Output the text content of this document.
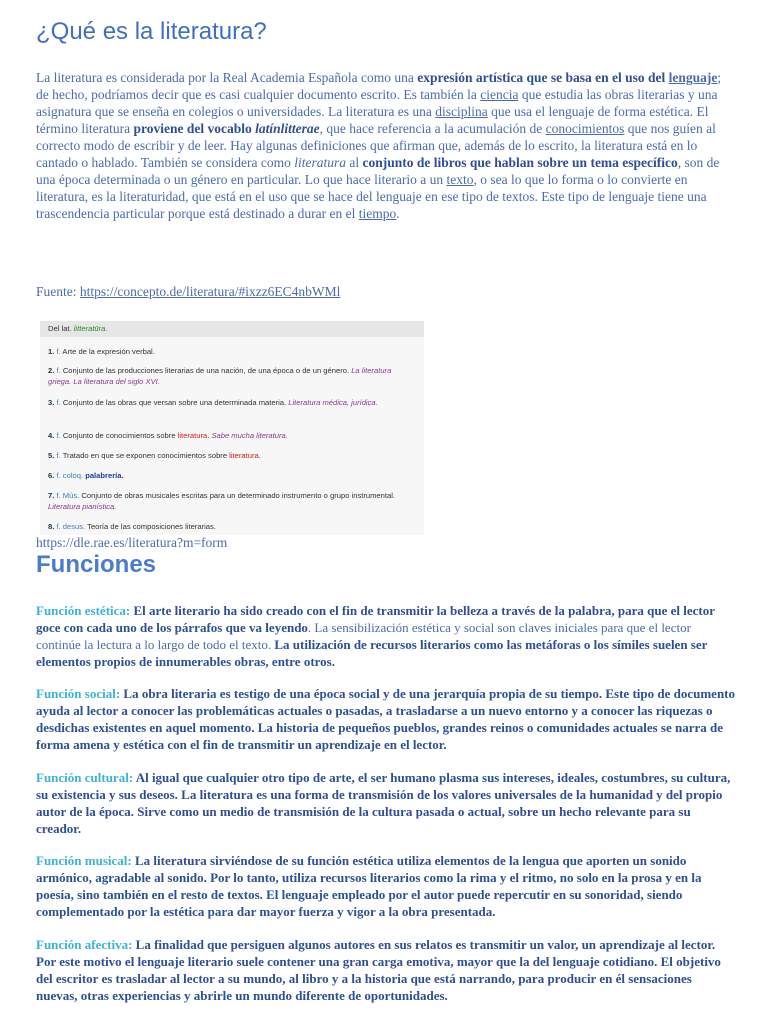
¿Qué es la literatura?

La literatura es considerada por la Real Academia Española como una expresión artística que se basa en el uso del lenguaje; de hecho, podríamos decir que es casi cualquier documento escrito. Es también la ciencia que estudia las obras literarias y una asignatura que se enseña en colegios o universidades. La literatura es una disciplina que usa el lenguaje de forma estética. El término literatura proviene del vocablo latínlitterae, que hace referencia a la acumulación de conocimientos que nos guíen al correcto modo de escribir y de leer. Hay algunas definiciones que afirman que, además de lo escrito, la literatura está en lo cantado o hablado. También se considera como literatura al conjunto de libros que hablan sobre un tema específico, son de una época determinada o un género en particular. Lo que hace literario a un texto, o sea lo que lo forma o lo convierte en literatura, es la literaturidad, que está en el uso que se hace del lenguaje en ese tipo de textos. Este tipo de lenguaje tiene una trascendencia particular porque está destinado a durar en el tiempo.

Fuente: https://concepto.de/literatura/#ixzz6EC4nbWMl
Del lat. litteratūra.
1. f. Arte de la expresión verbal.
2. f. Conjunto de las producciones literarias de una nación, de una época o de un género. La literatura griega. La literatura del siglo XVI.
3. f. Conjunto de las obras que versan sobre una determinada materia. Literatura médica, jurídica.
4. f. Conjunto de conocimientos sobre literatura. Sabe mucha literatura.
5. f. Tratado en que se exponen conocimientos sobre literatura.
6. f. coloq. palabrería.
7. f. Mús. Conjunto de obras musicales escritas para un determinado instrumento o grupo instrumental. Literatura pianística.
8. f. desus. Teoría de las composiciones literarias.
https://dle.rae.es/literatura?m=form
Funciones

Función estética: El arte literario ha sido creado con el fin de transmitir la belleza a través de la palabra, para que el lector goce con cada uno de los párrafos que va leyendo. La sensibilización estética y social son claves iniciales para que el lector continúe la lectura a lo largo de todo el texto. La utilización de recursos literarios como las metáforas o los símiles suelen ser elementos propios de innumerables obras, entre otros.

Función social: La obra literaria es testigo de una época social y de una jerarquía propia de su tiempo. Este tipo de documento ayuda al lector a conocer las problemáticas actuales o pasadas, a trasladarse a un nuevo entorno y a conocer las riquezas o desdichas existentes en aquel momento. La historia de pequeños pueblos, grandes reinos o comunidades actuales se narra de forma amena y estética con el fin de transmitir un aprendizaje en el lector.

Función cultural: Al igual que cualquier otro tipo de arte, el ser humano plasma sus intereses, ideales, costumbres, su cultura, su existencia y sus deseos. La literatura es una forma de transmisión de los valores universales de la humanidad y del propio autor de la época. Sirve como un medio de transmisión de la cultura pasada o actual, sobre un hecho relevante para su creador.

Función musical: La literatura sirviéndose de su función estética utiliza elementos de la lengua que aporten un sonido armónico, agradable al sonido. Por lo tanto, utiliza recursos literarios como la rima y el ritmo, no solo en la prosa y en la poesía, sino también en el resto de textos. El lenguaje empleado por el autor puede repercutir en su sonoridad, siendo complementado por la estética para dar mayor fuerza y vigor a la obra presentada.

Función afectiva: La finalidad que persiguen algunos autores en sus relatos es transmitir un valor, un aprendizaje al lector. Por este motivo el lenguaje literario suele contener una gran carga emotiva, mayor que la del lenguaje cotidiano. El objetivo del escritor es trasladar al lector a su mundo, al libro y a la historia que está narrando, para producir en él sensaciones nuevas, otras experiencias y abrirle un mundo diferente de oportunidades.
